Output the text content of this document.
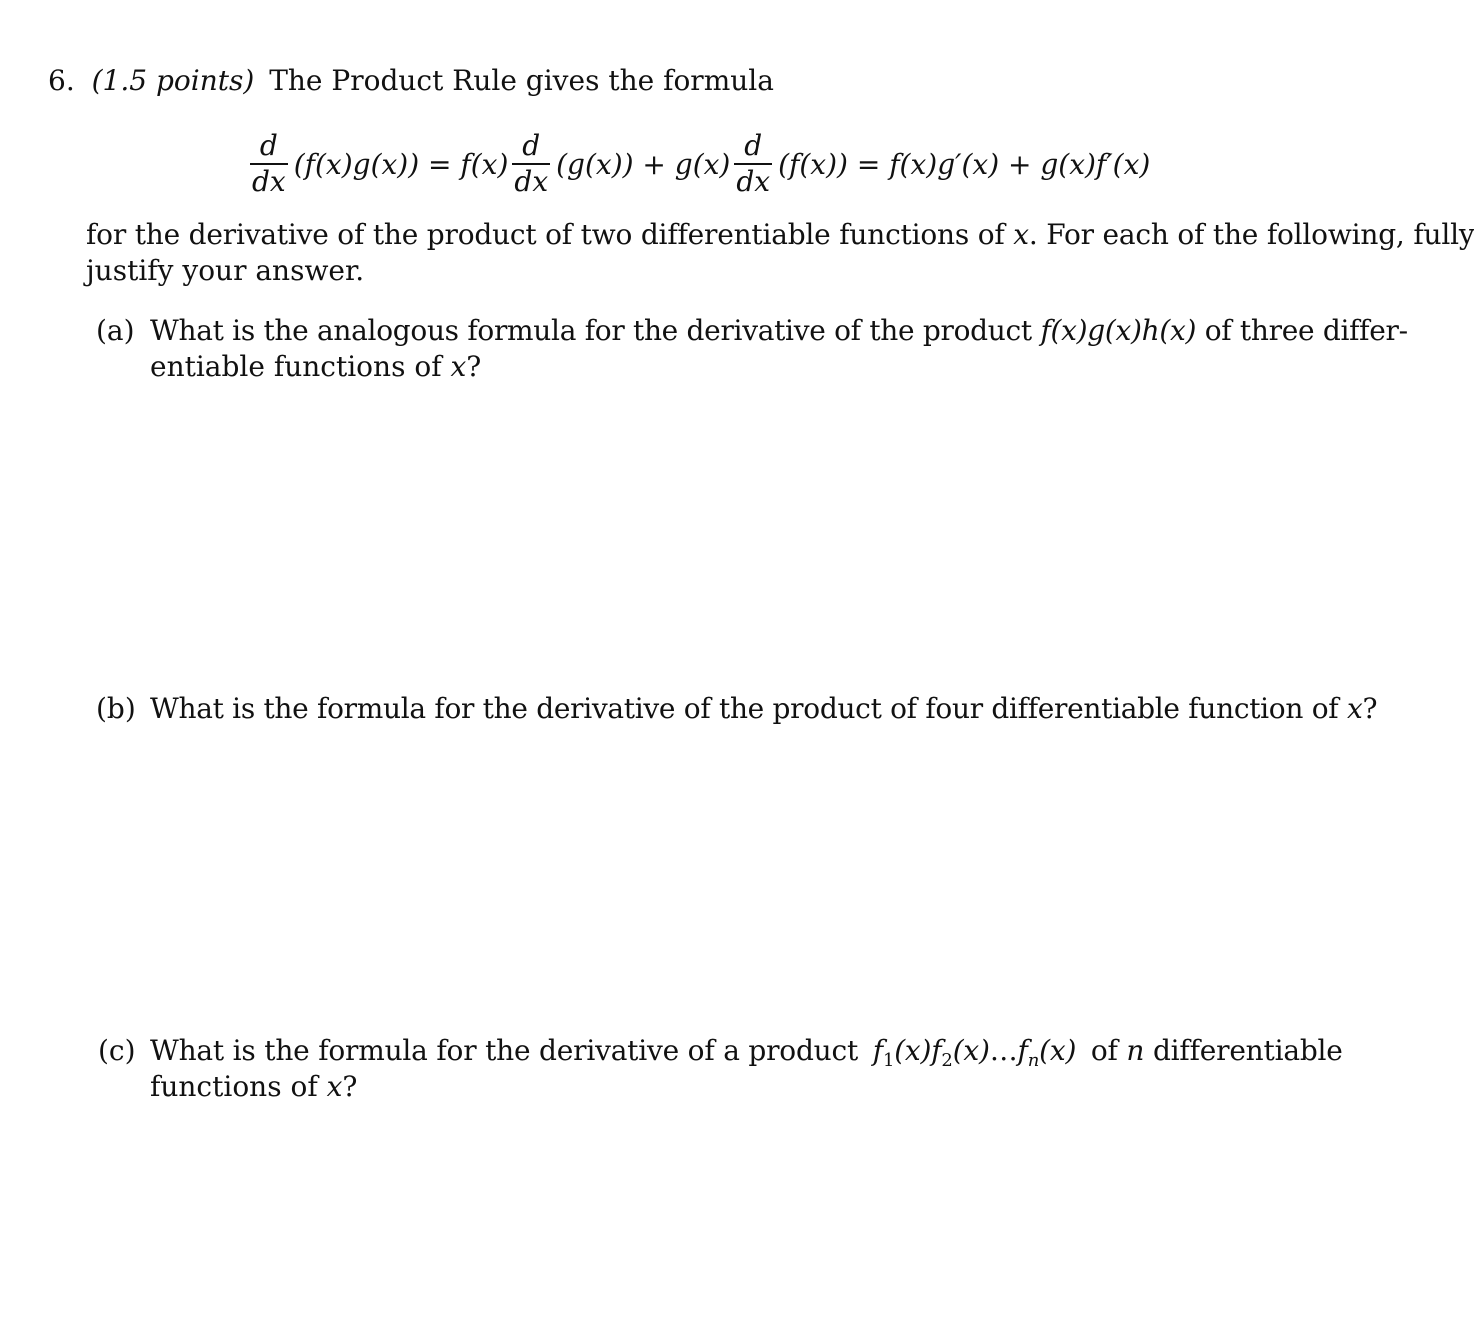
6. (1.5 points) The Product Rule gives the formula
$\frac{d}{dx} (f(x)g(x)) = f(x) \frac{d}{dx} (g(x)) + g(x) \frac{d}{dx} (f(x)) = f(x)g'(x) + g(x)f'(x)$
for the derivative of the product of two differentiable functions of x. For each of the following, fully
justify your answer.
(a) What is the analogous formula for the derivative of the product f(x)g(x)h(x) of three differ-
entiable functions of x?
(b) What is the formula for the derivative of the product of four differentiable function of x?
(c) What is the formula for the derivative of a product $f_1(x)f_2(x)\dots f_n(x)$ of n differentiable
functions of x?
